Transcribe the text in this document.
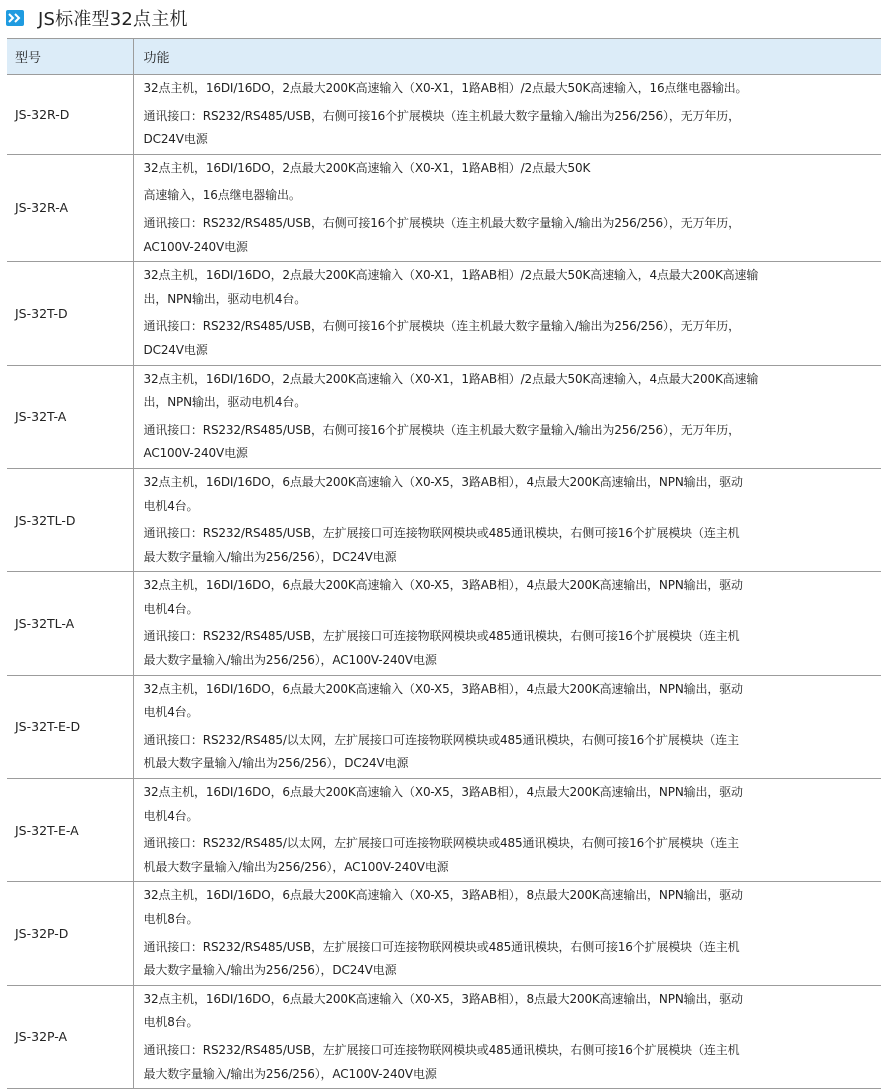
JS标准型32点主机
型号	功能
JS-32R-D	32点主机，16DI/16DO，2点最大200K高速输入（X0-X1，1路AB相）/2点最大50K高速输入，16点继电器输出。
通讯接口：RS232/RS485/USB，右侧可接16个扩展模块（连主机最大数字量输入/输出为256/256），无万年历，
DC24V电源

JS-32R-A	32点主机，16DI/16DO，2点最大200K高速输入（X0-X1，1路AB相）/2点最大50K
高速输入，16点继电器输出。
通讯接口：RS232/RS485/USB，右侧可接16个扩展模块（连主机最大数字量输入/输出为256/256），无万年历，
AC100V-240V电源

JS-32T-D	32点主机，16DI/16DO，2点最大200K高速输入（X0-X1，1路AB相）/2点最大50K高速输入，4点最大200K高速输
出，NPN输出，驱动电机4台。
通讯接口：RS232/RS485/USB，右侧可接16个扩展模块（连主机最大数字量输入/输出为256/256），无万年历，
DC24V电源

JS-32T-A	32点主机，16DI/16DO，2点最大200K高速输入（X0-X1，1路AB相）/2点最大50K高速输入，4点最大200K高速输
出，NPN输出，驱动电机4台。
通讯接口：RS232/RS485/USB，右侧可接16个扩展模块（连主机最大数字量输入/输出为256/256），无万年历，
AC100V-240V电源

JS-32TL-D	32点主机，16DI/16DO，6点最大200K高速输入（X0-X5，3路AB相），4点最大200K高速输出，NPN输出，驱动
电机4台。
通讯接口：RS232/RS485/USB，左扩展接口可连接物联网模块或485通讯模块，右侧可接16个扩展模块（连主机
最大数字量输入/输出为256/256），DC24V电源

JS-32TL-A	32点主机，16DI/16DO，6点最大200K高速输入（X0-X5，3路AB相），4点最大200K高速输出，NPN输出，驱动
电机4台。
通讯接口：RS232/RS485/USB，左扩展接口可连接物联网模块或485通讯模块，右侧可接16个扩展模块（连主机
最大数字量输入/输出为256/256），AC100V-240V电源

JS-32T-E-D	32点主机，16DI/16DO，6点最大200K高速输入（X0-X5，3路AB相），4点最大200K高速输出，NPN输出，驱动
电机4台。
通讯接口：RS232/RS485/以太网，左扩展接口可连接物联网模块或485通讯模块，右侧可接16个扩展模块（连主
机最大数字量输入/输出为256/256），DC24V电源

JS-32T-E-A	32点主机，16DI/16DO，6点最大200K高速输入（X0-X5，3路AB相），4点最大200K高速输出，NPN输出，驱动
电机4台。
通讯接口：RS232/RS485/以太网，左扩展接口可连接物联网模块或485通讯模块，右侧可接16个扩展模块（连主
机最大数字量输入/输出为256/256），AC100V-240V电源

JS-32P-D	32点主机，16DI/16DO，6点最大200K高速输入（X0-X5，3路AB相），8点最大200K高速输出，NPN输出，驱动
电机8台。
通讯接口：RS232/RS485/USB，左扩展接口可连接物联网模块或485通讯模块，右侧可接16个扩展模块（连主机
最大数字量输入/输出为256/256），DC24V电源

JS-32P-A	32点主机，16DI/16DO，6点最大200K高速输入（X0-X5，3路AB相），8点最大200K高速输出，NPN输出，驱动
电机8台。
通讯接口：RS232/RS485/USB，左扩展接口可连接物联网模块或485通讯模块，右侧可接16个扩展模块（连主机
最大数字量输入/输出为256/256），AC100V-240V电源
